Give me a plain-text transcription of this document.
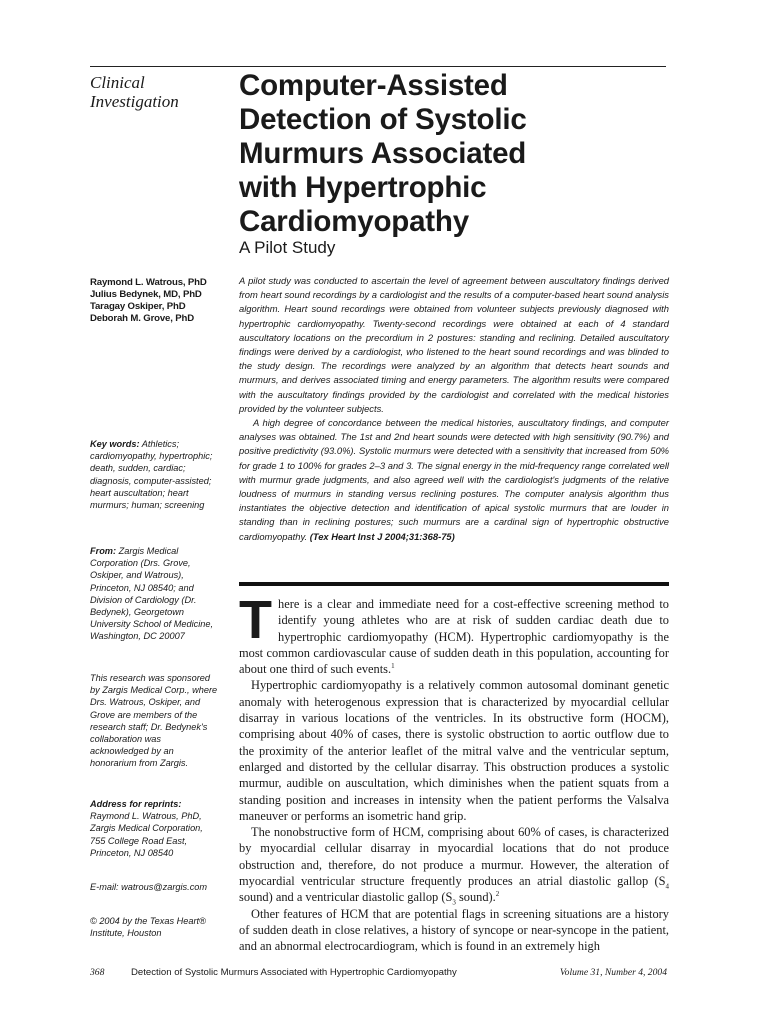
Clinical
Investigation	Computer-Assisted
Detection of Systolic
Murmurs Associated
with Hypertrophic
Cardiomyopathy
A Pilot Study
Raymond L. Watrous, PhD
Julius Bedynek, MD, PhD
Taragay Oskiper, PhD
Deborah M. Grove, PhD

A pilot study was conducted to ascertain the level of agreement between auscultatory findings derived from heart sound recordings by a cardiologist and the results of a computer-based heart sound analysis algorithm. Heart sound recordings were obtained from volunteer subjects previously diagnosed with hypertrophic cardiomyopathy. Twenty-second recordings were obtained at each of 4 standard auscultatory locations on the precordium in 2 postures: standing and reclining. Detailed auscultatory findings were derived by a cardiologist, who listened to the heart sound recordings and was blinded to the study design. The recordings were analyzed by an algorithm that detects heart sounds and murmurs, and derives associated timing and energy parameters. The algorithm results were compared with the auscultatory findings provided by the cardiologist and correlated with the medical histories provided by the volunteer subjects.

A high degree of concordance between the medical histories, auscultatory findings, and computer analyses was obtained. The 1st and 2nd heart sounds were detected with high sensitivity (90.7%) and positive predictivity (93.0%). Systolic murmurs were detected with a sensitivity that increased from 50% for grade 1 to 100% for grades 2–3 and 3. The signal energy in the mid-frequency range correlated well with murmur grade judgments, and also agreed well with the cardiologist's judgments of the relative loudness of murmurs in standing versus reclining postures. The computer analysis algorithm thus instantiates the objective detection and identification of apical systolic murmurs that are louder in standing than in reclining postures; such murmurs are a cardinal sign of hypertrophic obstructive cardiomyopathy. (Tex Heart Inst J 2004;31:368-75)

Key words: Athletics; cardiomyopathy, hypertrophic; death, sudden, cardiac; diagnosis, computer-assisted; heart auscultation; heart murmurs; human; screening
From: Zargis Medical Corporation (Drs. Grove, Oskiper, and Watrous), Princeton, NJ 08540; and Division of Cardiology (Dr. Bedynek), Georgetown University School of Medicine, Washington, DC 20007
This research was sponsored by Zargis Medical Corp., where Drs. Watrous, Oskiper, and Grove are members of the research staff; Dr. Bedynek's collaboration was acknowledged by an honorarium from Zargis.
Address for reprints:
Raymond L. Watrous, PhD, Zargis Medical Corporation, 755 College Road East, Princeton, NJ 08540
E-mail: watrous@zargis.com
© 2004 by the Texas Heart® Institute, Houston

There is a clear and immediate need for a cost-effective screening method to identify young athletes who are at risk of sudden cardiac death due to hypertrophic cardiomyopathy (HCM). Hypertrophic cardiomyopathy is the most common cardiovascular cause of sudden death in this population, accounting for about one third of such events.$^1$

Hypertrophic cardiomyopathy is a relatively common autosomal dominant genetic anomaly with heterogenous expression that is characterized by myocardial cellular disarray in various locations of the ventricles. In its obstructive form (HOCM), comprising about 40% of cases, there is systolic obstruction to aortic outflow due to the proximity of the anterior leaflet of the mitral valve and the ventricular septum, enlarged and distorted by the cellular disarray. This obstruction produces a systolic murmur, audible on auscultation, which diminishes when the patient squats from a standing position and increases in intensity when the patient performs the Valsalva maneuver or performs an isometric hand grip.

The nonobstructive form of HCM, comprising about 60% of cases, is characterized by myocardial cellular disarray in myocardial locations that do not produce obstruction and, therefore, do not produce a murmur. However, the alteration of myocardial ventricular structure frequently produces an atrial diastolic gallop ($S_4$ sound) and a ventricular diastolic gallop ($S_3$ sound).$^2$

Other features of HCM that are potential flags in screening situations are a history of sudden death in close relatives, a history of syncope or near-syncope in the patient, and an abnormal electrocardiogram, which is found in an extremely high

368	Detection of Systolic Murmurs Associated with Hypertrophic Cardiomyopathy	Volume 31, Number 4, 2004
